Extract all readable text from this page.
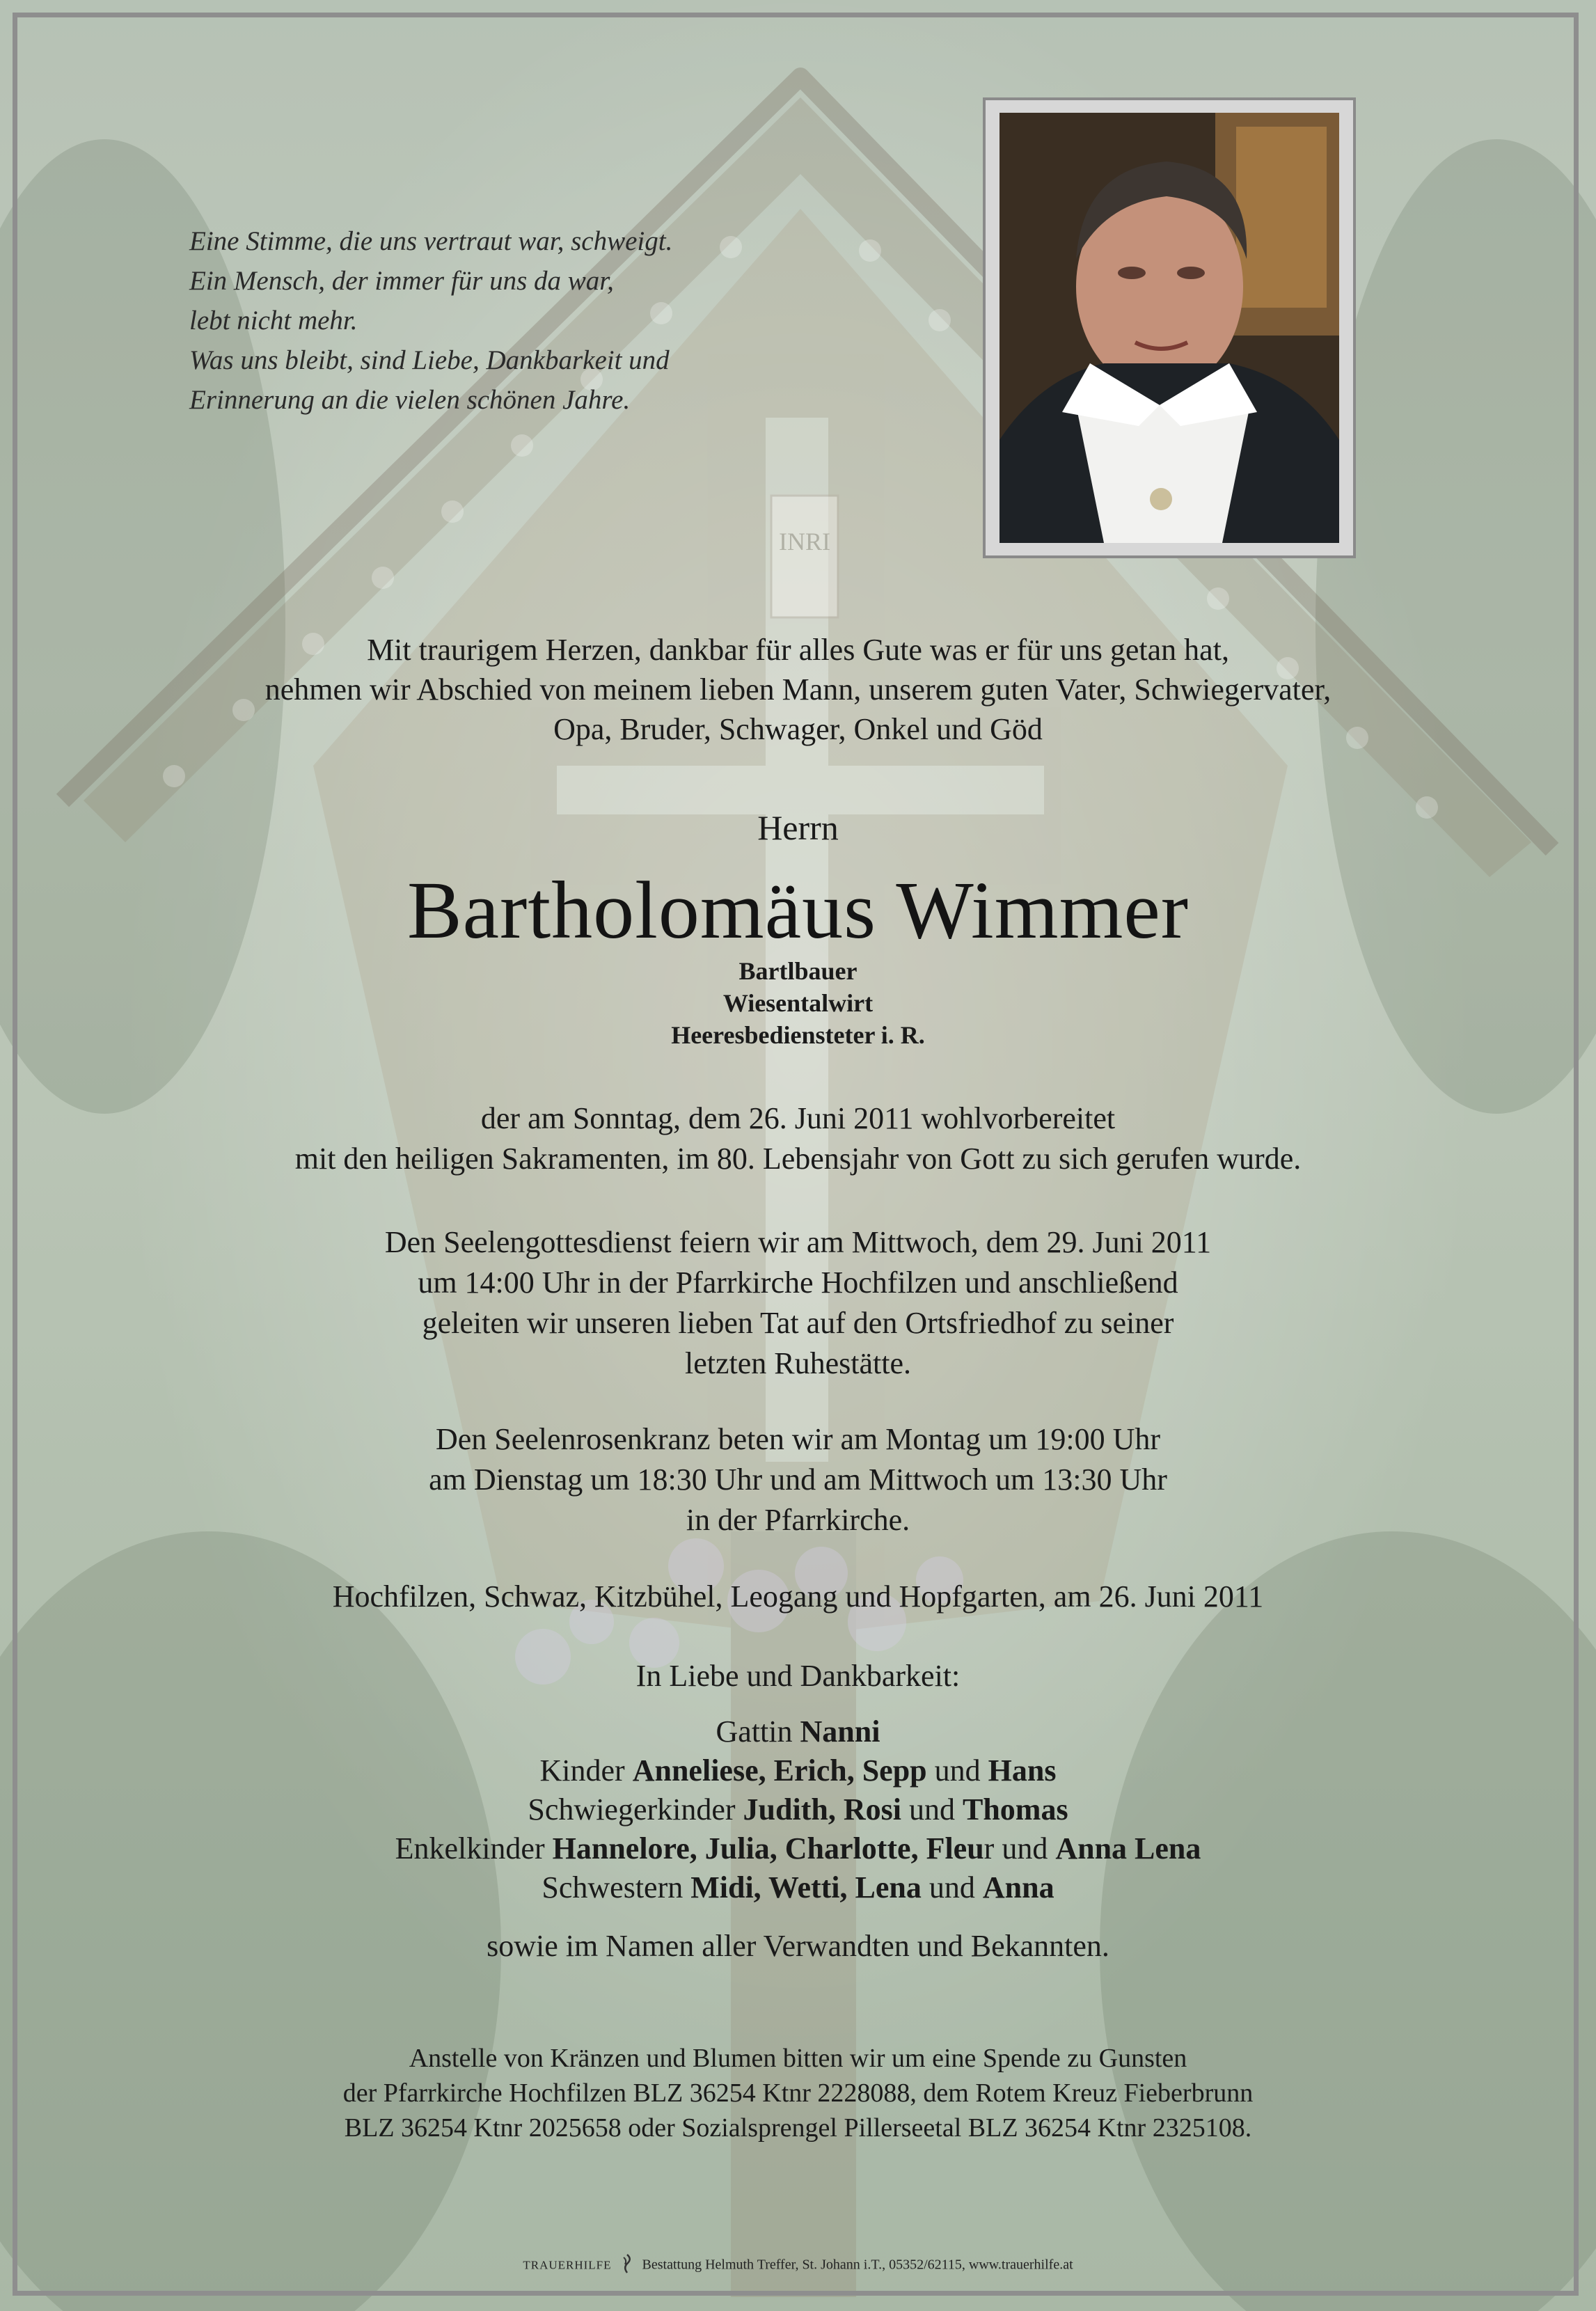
INRI
Eine Stimme, die uns vertraut war, schweigt.
Ein Mensch, der immer für uns da war,
lebt nicht mehr.
Was uns bleibt, sind Liebe, Dankbarkeit und
Erinnerung an die vielen schönen Jahre.
Mit traurigem Herzen, dankbar für alles Gute was er für uns getan hat,
nehmen wir Abschied von meinem lieben Mann, unserem guten Vater, Schwiegervater,
Opa, Bruder, Schwager, Onkel und Göd
Herrn
Bartholomäus Wimmer
Bartlbauer
Wiesentalwirt
Heeresbediensteter i. R.
der am Sonntag, dem 26. Juni 2011 wohlvorbereitet
mit den heiligen Sakramenten, im 80. Lebensjahr von Gott zu sich gerufen wurde.
Den Seelengottesdienst feiern wir am Mittwoch, dem 29. Juni 2011
um 14:00 Uhr in der Pfarrkirche Hochfilzen und anschließend
geleiten wir unseren lieben Tat auf den Ortsfriedhof zu seiner
letzten Ruhestätte.
Den Seelenrosenkranz beten wir am Montag um 19:00 Uhr
am Dienstag um 18:30 Uhr und am Mittwoch um 13:30 Uhr
in der Pfarrkirche.
Hochfilzen, Schwaz, Kitzbühel, Leogang und Hopfgarten, am 26. Juni 2011
In Liebe und Dankbarkeit:
Gattin Nanni
Kinder Anneliese, Erich, Sepp und Hans
Schwiegerkinder Judith, Rosi und Thomas
Enkelkinder Hannelore, Julia, Charlotte, Fleur und Anna Lena
Schwestern Midi, Wetti, Lena und Anna
sowie im Namen aller Verwandten und Bekannten.
Anstelle von Kränzen und Blumen bitten wir um eine Spende zu Gunsten
der Pfarrkirche Hochfilzen BLZ 36254 Ktnr 2228088, dem Rotem Kreuz Fieberbrunn
BLZ 36254 Ktnr 2025658 oder Sozialsprengel Pillerseetal BLZ 36254 Ktnr 2325108.
TRAUERHILFE Bestattung Helmuth Treffer, St. Johann i.T., 05352/62115, www.trauerhilfe.at
